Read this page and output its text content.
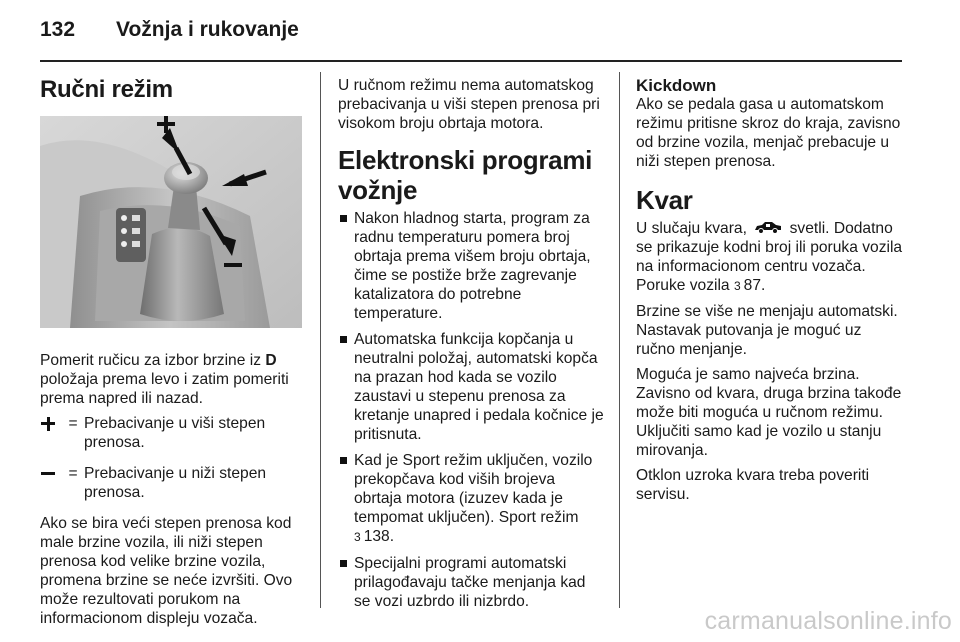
132	Vožnja i rukovanje
Ručni režim

Pomerit ručicu za izbor brzine iz D položaja prema levo i zatim pomeriti prema napred ili nazad.

= Prebacivanje u viši stepen prenosa.
= Prebacivanje u niži stepen prenosa.

Ako se bira veći stepen prenosa kod male brzine vozila, ili niži stepen prenosa kod velike brzine vozila, promena brzine se neće izvršiti. Ovo može rezultovati porukom na informacionom displeju vozača.

U ručnom režimu nema automatskog prebacivanja u viši stepen prenosa pri visokom broju obrtaja motora.

Elektronski programi vožnje
Nakon hladnog starta, program za radnu temperaturu pomera broj obrtaja prema višem broju obrtaja, čime se postiže brže zagrevanje katalizatora do potrebne temperature.
Automatska funkcija kopčanja u neutralni položaj, automatski kopča na prazan hod kada se vozilo zaustavi u stepenu prenosa za kretanje unapred i pedala kočnice je pritisnuta.
Kad je Sport režim uključen, vozilo prekopčava kod viših brojeva obrtaja motora (izuzev kada je tempomat uključen). Sport režim
3 138.
Specijalni programi automatski prilagođavaju tačke menjanja kad se vozi uzbrdo ili nizbrdo.
Kickdown

Ako se pedala gasa u automatskom režimu pritisne skroz do kraja, zavisno od brzine vozila, menjač prebacuje u niži stepen prenosa.

Kvar

U slučaju kvara,	svetli. Dodatno se prikazuje kodni broj ili poruka vozila na informacionom centru vozača. Poruke vozila 3 87.

Brzine se više ne menjaju automatski. Nastavak putovanja je moguć uz ručno menjanje.

Moguća je samo najveća brzina. Zavisno od kvara, druga brzina takođe može biti moguća u ručnom režimu. Uključiti samo kad je vozilo u stanju mirovanja.

Otklon uzroka kvara treba poveriti servisu.

carmanualsonline.info
